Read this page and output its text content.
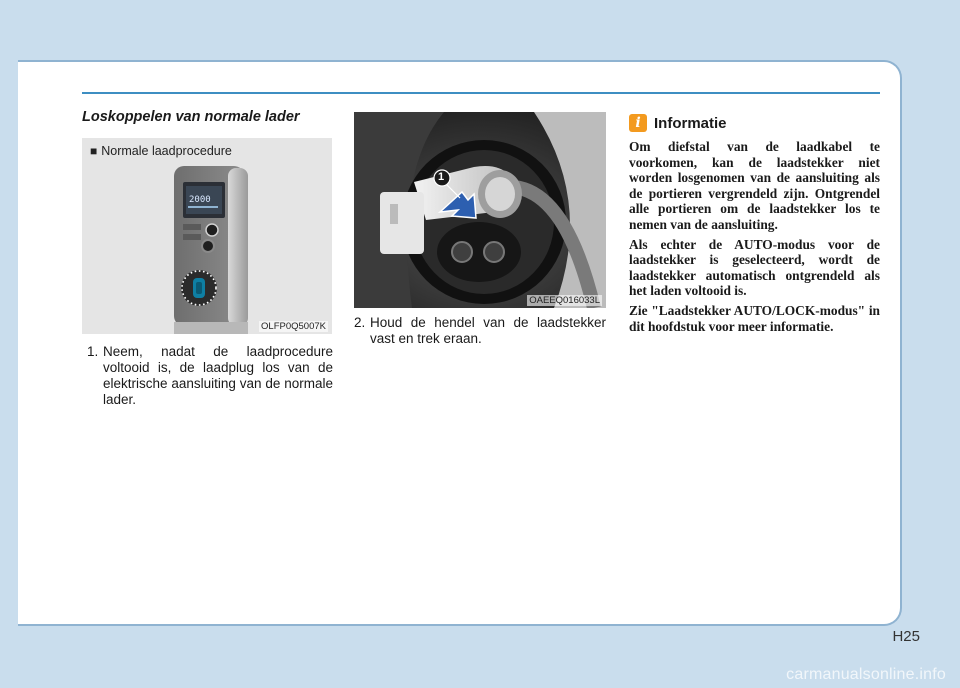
Loskoppelen van normale lader
■ Normale laadprocedure
2000
OLFP0Q5007K
1. Neem, nadat de laadprocedure voltooid is, de laadplug los van de elektrische aansluiting van de normale lader.
1
OAEEQ016033L
2. Houd de hendel van de laadstekker vast en trek eraan.
i Informatie

Om diefstal van de laadkabel te voorkomen, kan de laadstekker niet worden losgenomen van de aansluiting als de portieren vergrendeld zijn. Ontgrendel alle portieren om de laadstekker los te nemen van de aansluiting.

Als echter de AUTO-modus voor de laadstekker is geselecteerd, wordt de laadstekker automatisch ontgrendeld als het laden voltooid is.

Zie "Laadstekker AUTO/LOCK-modus" in dit hoofdstuk voor meer informatie.

H25
carmanualsonline.info
